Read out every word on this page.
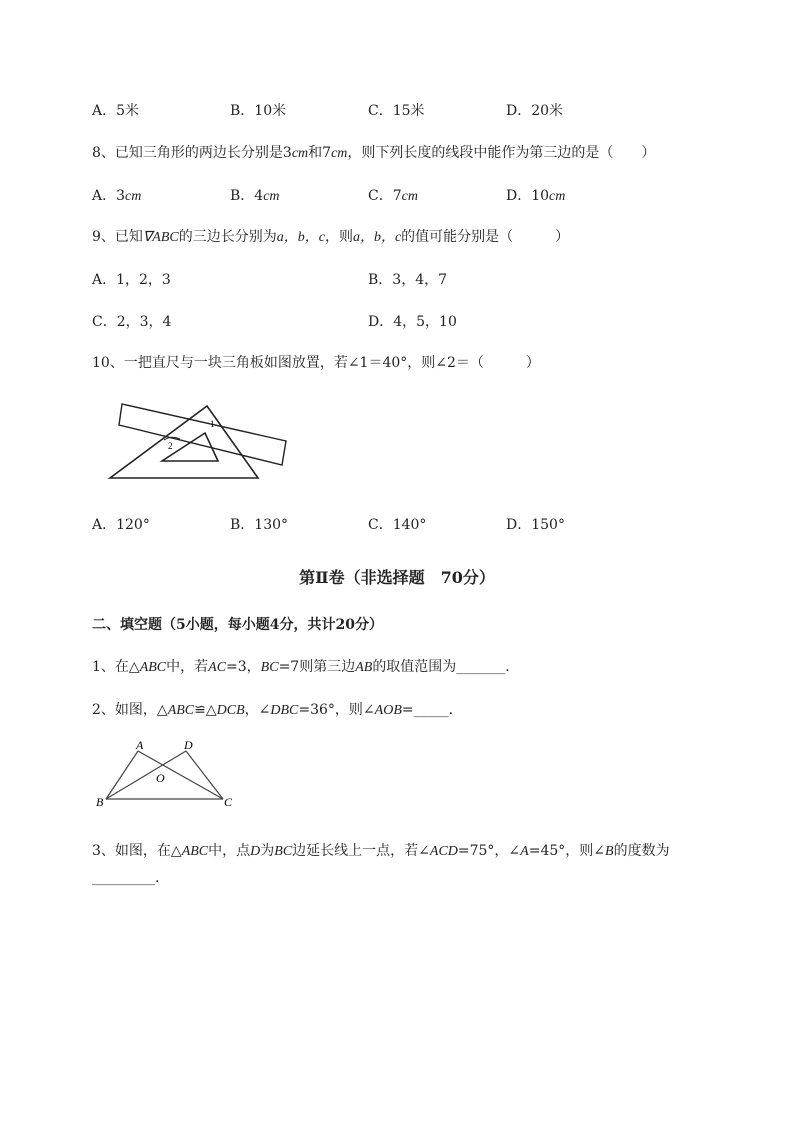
A．5米	B．10米	C．15米	D．20米
8、已知三角形的两边长分别是3cm和7cm，则下列长度的线段中能作为第三边的是（　　）
A．3cm	B．4cm	C．7cm	D．10cm
9、已知∇ABC的三边长分别为a，b，c，则a，b，c的值可能分别是（　　　）
A．1，2，3	B．3，4，7
C．2，3，4	D．4，5，10
10、一把直尺与一块三角板如图放置，若∠1＝40°，则∠2＝（　　　）
1
2
A．120°	B．130°	C．140°	D．150°
第Ⅱ卷（非选择题　70分）
二、填空题（5小题，每小题4分，共计20分）
1、在△ABC中，若AC=3，BC=7则第三边AB的取值范围为_______.
2、如图，△ABC≌△DCB，∠DBC=36°，则∠AOB=_____.
A	D
O
B	C
3、如图，在△ABC中，点D为BC边延长线上一点，若∠ACD=75°，∠A=45°，则∠B的度数为
_________.
